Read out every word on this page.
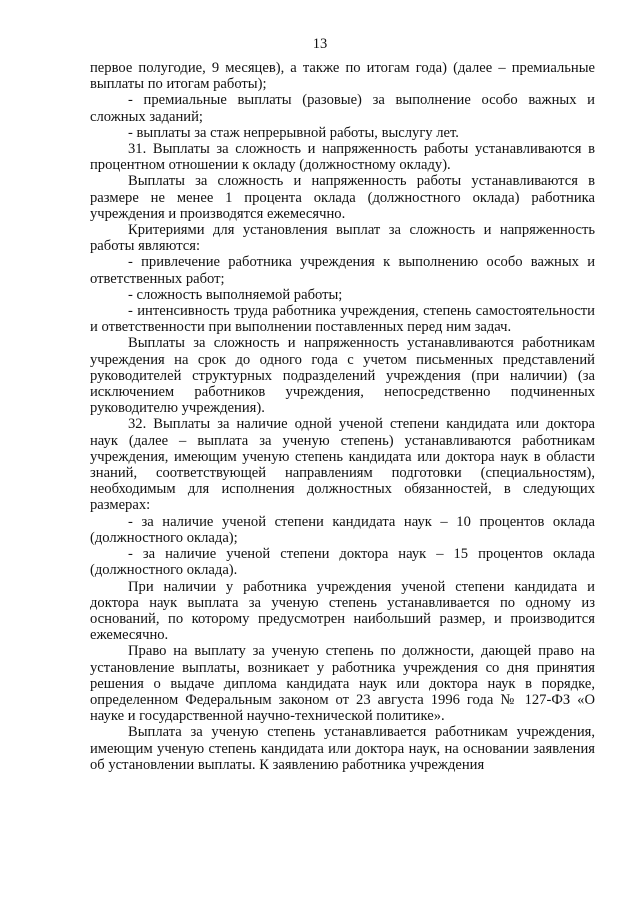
13

первое полугодие, 9 месяцев), а также по итогам года) (далее – премиальные выплаты по итогам работы);

- премиальные выплаты (разовые) за выполнение особо важных и сложных заданий;

- выплаты за стаж непрерывной работы, выслугу лет.

31. Выплаты за сложность и напряженность работы устанавливаются в процентном отношении к окладу (должностному окладу).

Выплаты за сложность и напряженность работы устанавливаются в размере не менее 1 процента оклада (должностного оклада) работника учреждения и производятся ежемесячно.

Критериями для установления выплат за сложность и напряженность работы являются:

- привлечение работника учреждения к выполнению особо важных и ответственных работ;

- сложность выполняемой работы;

- интенсивность труда работника учреждения, степень самостоятельности и ответственности при выполнении поставленных перед ним задач.

Выплаты за сложность и напряженность устанавливаются работникам учреждения на срок до одного года с учетом письменных представлений руководителей структурных подразделений учреждения (при наличии) (за исключением работников учреждения, непосредственно подчиненных руководителю учреждения).

32. Выплаты за наличие одной ученой степени кандидата или доктора наук (далее – выплата за ученую степень) устанавливаются работникам учреждения, имеющим ученую степень кандидата или доктора наук в области знаний, соответствующей направлениям подготовки (специальностям), необходимым для исполнения должностных обязанностей, в следующих размерах:

- за наличие ученой степени кандидата наук – 10 процентов оклада (должностного оклада);

- за наличие ученой степени доктора наук – 15 процентов оклада (должностного оклада).

При наличии у работника учреждения ученой степени кандидата и доктора наук выплата за ученую степень устанавливается по одному из оснований, по которому предусмотрен наибольший размер, и производится ежемесячно.

Право на выплату за ученую степень по должности, дающей право на установление выплаты, возникает у работника учреждения со дня принятия решения о выдаче диплома кандидата наук или доктора наук в порядке, определенном Федеральным законом от 23 августа 1996 года № 127-ФЗ «О науке и государственной научно-технической политике».

Выплата за ученую степень устанавливается работникам учреждения, имеющим ученую степень кандидата или доктора наук, на основании заявления об установлении выплаты. К заявлению работника учреждения
